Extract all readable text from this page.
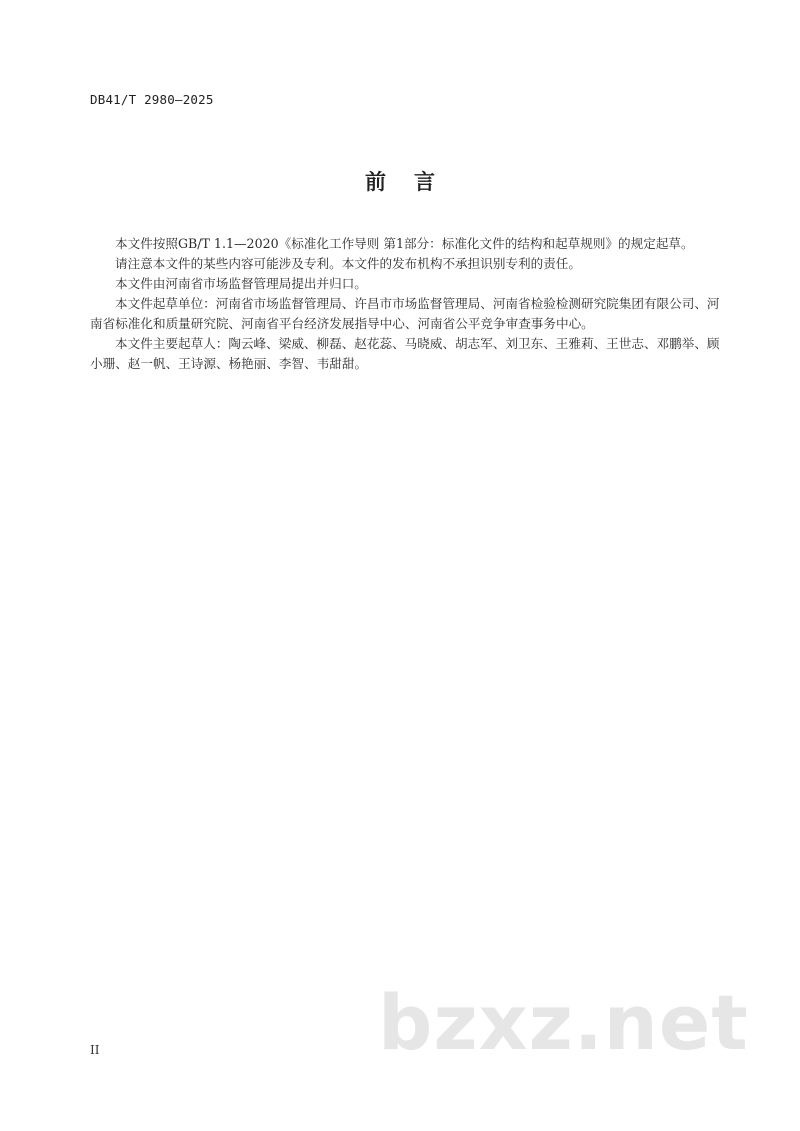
DB41/T 2980—2025
前言

本文件按照GB/T 1.1—2020《标准化工作导则 第1部分：标准化文件的结构和起草规则》的规定起草。

请注意本文件的某些内容可能涉及专利。本文件的发布机构不承担识别专利的责任。

本文件由河南省市场监督管理局提出并归口。

本文件起草单位：河南省市场监督管理局、许昌市市场监督管理局、河南省检验检测研究院集团有限公司、河南省标准化和质量研究院、河南省平台经济发展指导中心、河南省公平竞争审查事务中心。

本文件主要起草人：陶云峰、梁威、柳磊、赵花蕊、马晓威、胡志军、刘卫东、王雅莉、王世志、邓鹏举、顾小珊、赵一帆、王诗源、杨艳丽、李智、韦甜甜。

bzxz.net
II
